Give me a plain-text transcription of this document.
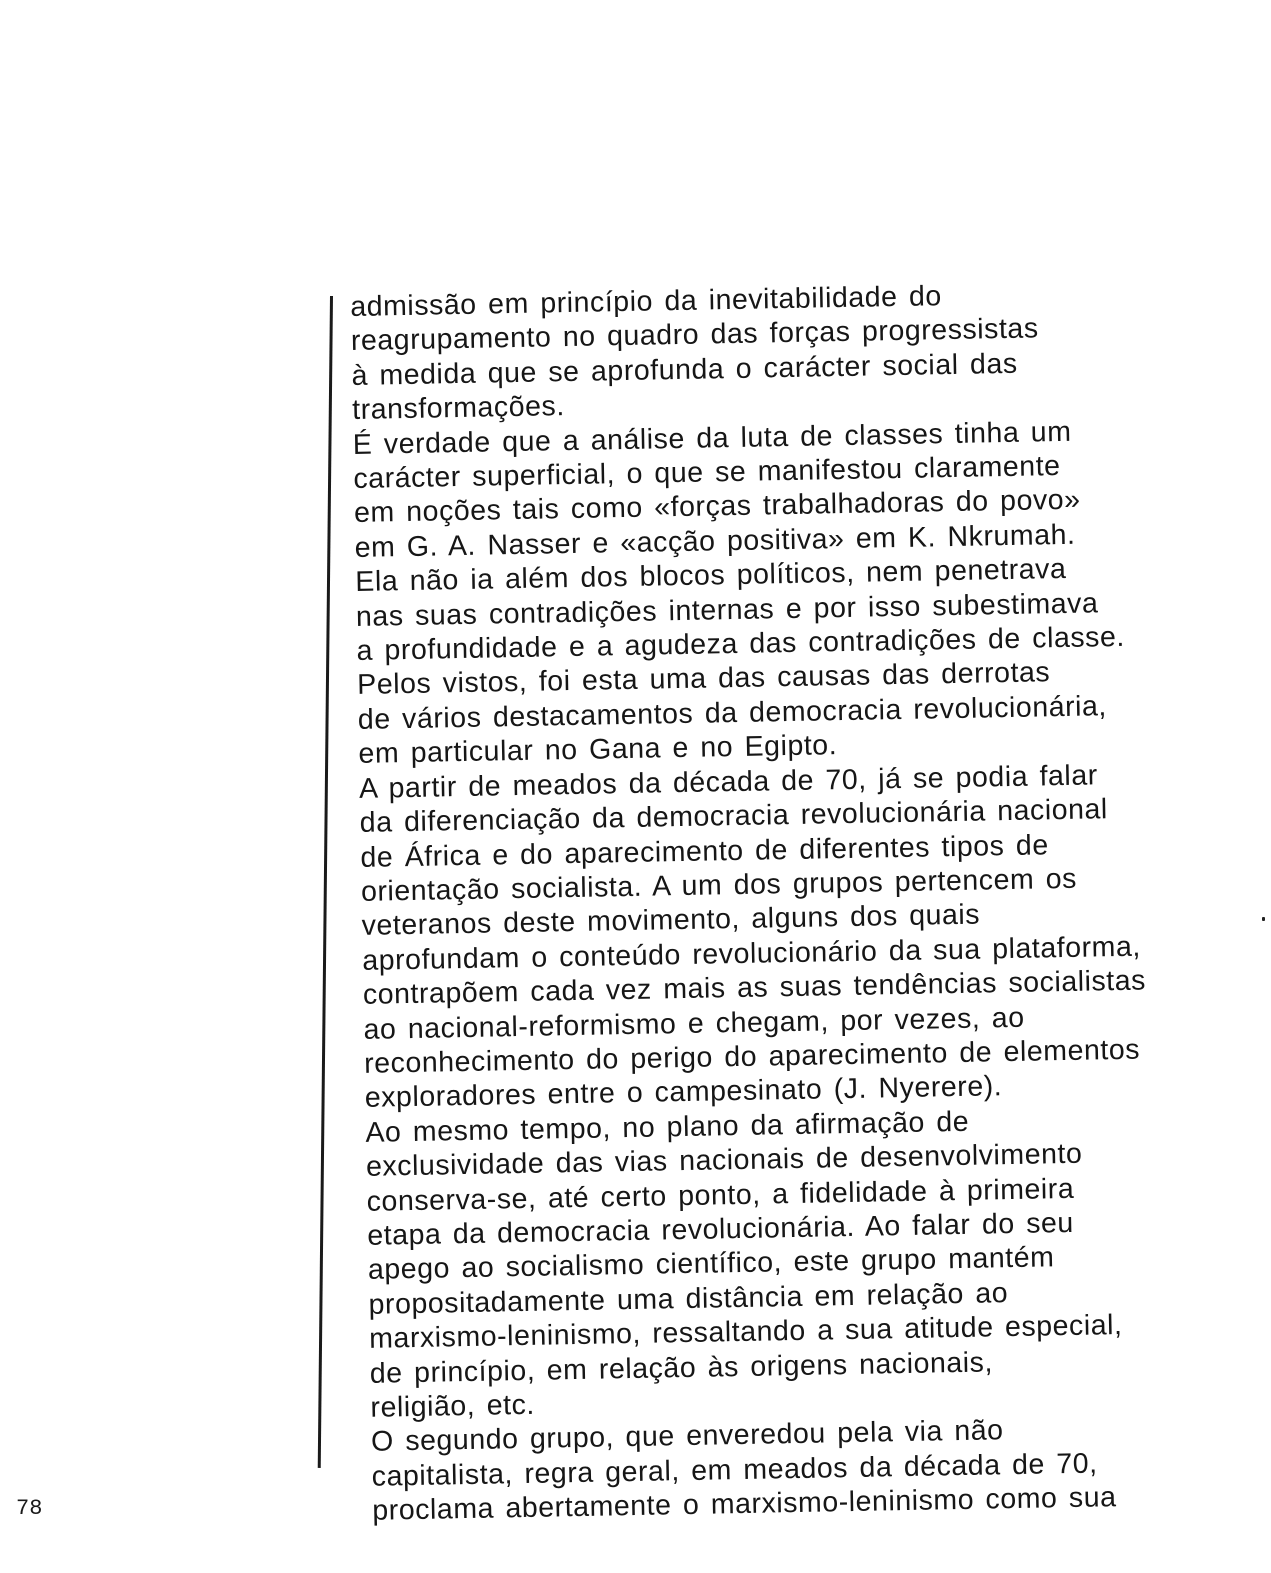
admissão em princípio da inevitabilidade do
reagrupamento no quadro das forças progressistas
à medida que se aprofunda o carácter social das
transformações.
É verdade que a análise da luta de classes tinha um
carácter superficial, o que se manifestou claramente
em noções tais como «forças trabalhadoras do povo»
em G. A. Nasser e «acção positiva» em K. Nkrumah.
Ela não ia além dos blocos políticos, nem penetrava
nas suas contradições internas e por isso subestimava
a profundidade e a agudeza das contradições de classe.
Pelos vistos, foi esta uma das causas das derrotas
de vários destacamentos da democracia revolucionária,
em particular no Gana e no Egipto.
A partir de meados da década de 70, já se podia falar
da diferenciação da democracia revolucionária nacional
de África e do aparecimento de diferentes tipos de
orientação socialista. A um dos grupos pertencem os
veteranos deste movimento, alguns dos quais
aprofundam o conteúdo revolucionário da sua plataforma,
contrapõem cada vez mais as suas tendências socialistas
ao nacional-reformismo e chegam, por vezes, ao
reconhecimento do perigo do aparecimento de elementos
exploradores entre o campesinato (J. Nyerere).
Ao mesmo tempo, no plano da afirmação de
exclusividade das vias nacionais de desenvolvimento
conserva-se, até certo ponto, a fidelidade à primeira
etapa da democracia revolucionária. Ao falar do seu
apego ao socialismo científico, este grupo mantém
propositadamente uma distância em relação ao
marxismo-leninismo, ressaltando a sua atitude especial,
de princípio, em relação às origens nacionais,
religião, etc.
O segundo grupo, que enveredou pela via não
capitalista, regra geral, em meados da década de 70,
proclama abertamente o marxismo-leninismo como sua
78
